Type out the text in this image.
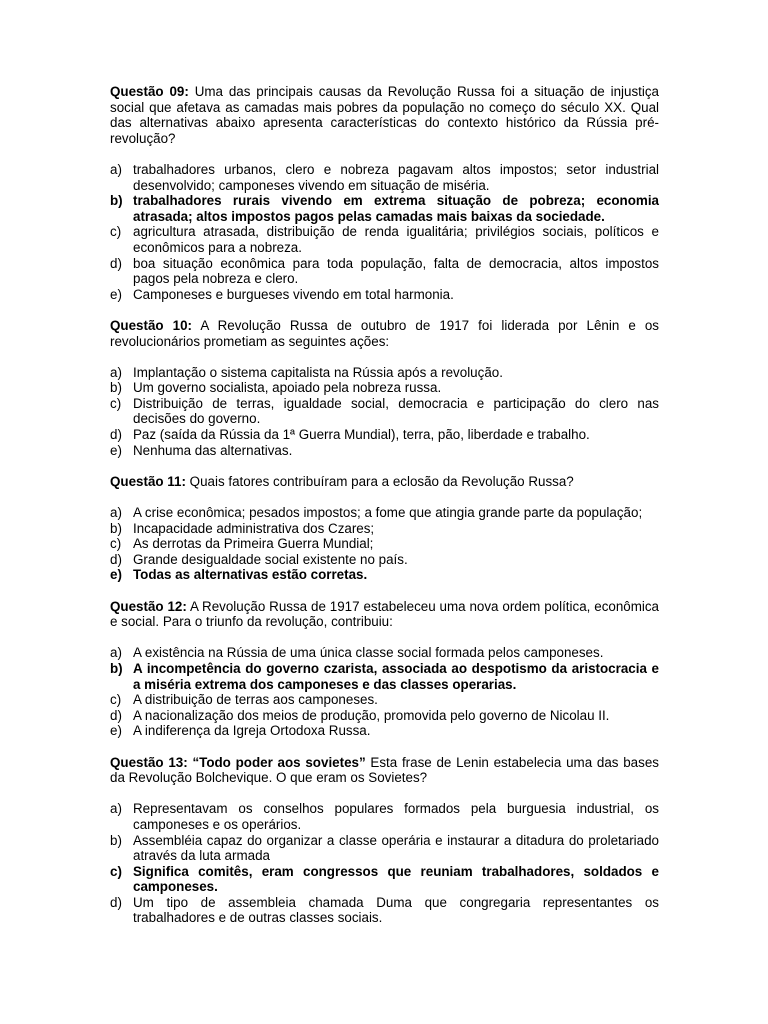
Questão 09: Uma das principais causas da Revolução Russa foi a situação de injustiça social que afetava as camadas mais pobres da população no começo do século XX. Qual das alternativas abaixo apresenta características do contexto histórico da Rússia pré-revolução?

a) trabalhadores urbanos, clero e nobreza pagavam altos impostos; setor industrial desenvolvido; camponeses vivendo em situação de miséria.
b) trabalhadores rurais vivendo em extrema situação de pobreza; economia atrasada; altos impostos pagos pelas camadas mais baixas da sociedade.
c) agricultura atrasada, distribuição de renda igualitária; privilégios sociais, políticos e econômicos para a nobreza.
d) boa situação econômica para toda população, falta de democracia, altos impostos pagos pela nobreza e clero.
e) Camponeses e burgueses vivendo em total harmonia.

Questão 10: A Revolução Russa de outubro de 1917 foi liderada por Lênin e os revolucionários prometiam as seguintes ações:

a) Implantação o sistema capitalista na Rússia após a revolução.
b) Um governo socialista, apoiado pela nobreza russa.
c) Distribuição de terras, igualdade social, democracia e participação do clero nas decisões do governo.
d) Paz (saída da Rússia da 1ª Guerra Mundial), terra, pão, liberdade e trabalho.
e) Nenhuma das alternativas.

Questão 11: Quais fatores contribuíram para a eclosão da Revolução Russa?

a) A crise econômica; pesados impostos; a fome que atingia grande parte da população;
b) Incapacidade administrativa dos Czares;
c) As derrotas da Primeira Guerra Mundial;
d) Grande desigualdade social existente no país.
e) Todas as alternativas estão corretas.

Questão 12: A Revolução Russa de 1917 estabeleceu uma nova ordem política, econômica e social. Para o triunfo da revolução, contribuiu:

a) A existência na Rússia de uma única classe social formada pelos camponeses.
b) A incompetência do governo czarista, associada ao despotismo da aristocracia e a miséria extrema dos camponeses e das classes operarias.
c) A distribuição de terras aos camponeses.
d) A nacionalização dos meios de produção, promovida pelo governo de Nicolau II.
e) A indiferença da Igreja Ortodoxa Russa.

Questão 13: “Todo poder aos sovietes” Esta frase de Lenin estabelecia uma das bases da Revolução Bolchevique. O que eram os Sovietes?

a) Representavam os conselhos populares formados pela burguesia industrial, os camponeses e os operários.
b) Assembléia capaz do organizar a classe operária e instaurar a ditadura do proletariado através da luta armada
c) Significa comitês, eram congressos que reuniam trabalhadores, soldados e camponeses.
d) Um tipo de assembleia chamada Duma que congregaria representantes os trabalhadores e de outras classes sociais.
